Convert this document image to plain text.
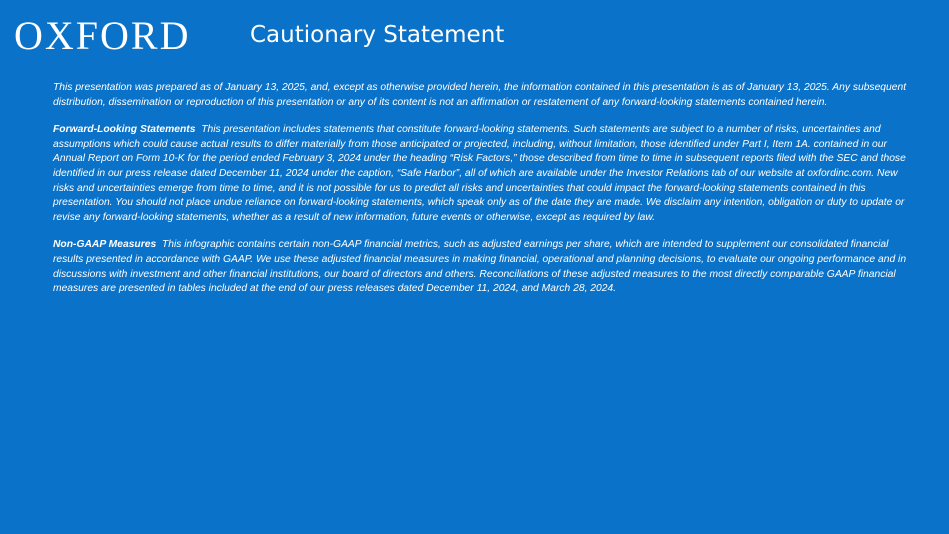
OXFORD	Cautionary Statement

This presentation was prepared as of January 13, 2025, and, except as otherwise provided herein, the information contained in this presentation is as of January 13, 2025. Any subsequent distribution, dissemination or reproduction of this presentation or any of its content is not an affirmation or restatement of any forward-looking statements contained herein.

Forward-Looking Statements This presentation includes statements that constitute forward-looking statements. Such statements are subject to a number of risks, uncertainties and assumptions which could cause actual results to differ materially from those anticipated or projected, including, without limitation, those identified under Part I, Item 1A. contained in our Annual Report on Form 10-K for the period ended February 3, 2024 under the heading “Risk Factors,” those described from time to time in subsequent reports filed with the SEC and those identified in our press release dated December 11, 2024 under the caption, “Safe Harbor”, all of which are available under the Investor Relations tab of our website at oxfordinc.com. New risks and uncertainties emerge from time to time, and it is not possible for us to predict all risks and uncertainties that could impact the forward-looking statements contained in this presentation. You should not place undue reliance on forward-looking statements, which speak only as of the date they are made. We disclaim any intention, obligation or duty to update or revise any forward-looking statements, whether as a result of new information, future events or otherwise, except as required by law.

Non-GAAP Measures This infographic contains certain non-GAAP financial metrics, such as adjusted earnings per share, which are intended to supplement our consolidated financial results presented in accordance with GAAP. We use these adjusted financial measures in making financial, operational and planning decisions, to evaluate our ongoing performance and in discussions with investment and other financial institutions, our board of directors and others. Reconciliations of these adjusted measures to the most directly comparable GAAP financial measures are presented in tables included at the end of our press releases dated December 11, 2024, and March 28, 2024.
